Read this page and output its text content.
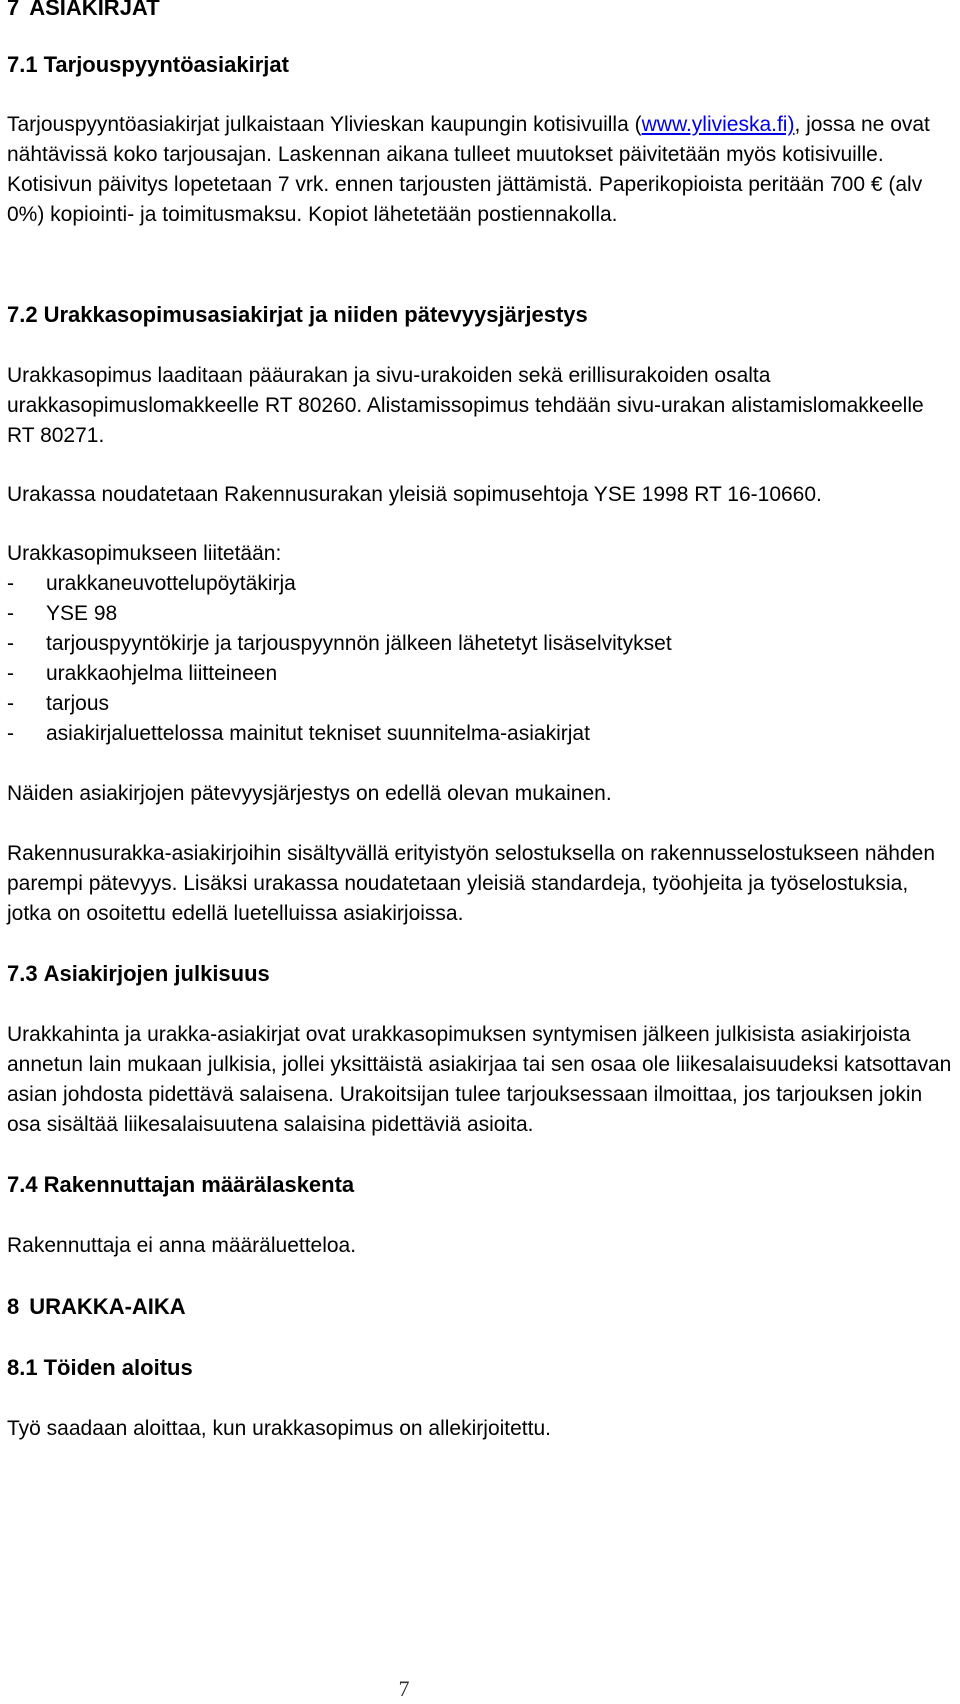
7 ASIAKIRJAT
7.1 Tarjouspyyntöasiakirjat

Tarjouspyyntöasiakirjat julkaistaan Ylivieskan kaupungin kotisivuilla (www.ylivieska.fi), jossa ne ovat nähtävissä koko tarjousajan. Laskennan aikana tulleet muutokset päivitetään myös kotisivuille. Kotisivun päivitys lopetetaan 7 vrk. ennen tarjousten jättämistä. Paperikopioista peritään 700 € (alv 0%) kopiointi- ja toimitusmaksu. Kopiot lähetetään postiennakolla.

7.2 Urakkasopimusasiakirjat ja niiden pätevyysjärjestys

Urakkasopimus laaditaan pääurakan ja sivu-urakoiden sekä erillisurakoiden osalta urakkasopimuslomakkeelle RT 80260. Alistamissopimus tehdään sivu-urakan alistamislomakkeelle RT 80271.

Urakassa noudatetaan Rakennusurakan yleisiä sopimusehtoja YSE 1998 RT 16-10660.

Urakkasopimukseen liitetään:

- urakkaneuvottelupöytäkirja
- YSE 98
- tarjouspyyntökirje ja tarjouspyynnön jälkeen lähetetyt lisäselvitykset
- urakkaohjelma liitteineen
- tarjous
- asiakirjaluettelossa mainitut tekniset suunnitelma-asiakirjat

Näiden asiakirjojen pätevyysjärjestys on edellä olevan mukainen.

Rakennusurakka-asiakirjoihin sisältyvällä erityistyön selostuksella on rakennusselostukseen nähden parempi pätevyys. Lisäksi urakassa noudatetaan yleisiä standardeja, työohjeita ja työselostuksia, jotka on osoitettu edellä luetelluissa asiakirjoissa.

7.3 Asiakirjojen julkisuus

Urakkahinta ja urakka-asiakirjat ovat urakkasopimuksen syntymisen jälkeen julkisista asiakirjoista annetun lain mukaan julkisia, jollei yksittäistä asiakirjaa tai sen osaa ole liikesalaisuudeksi katsottavan asian johdosta pidettävä salaisena. Urakoitsijan tulee tarjouksessaan ilmoittaa, jos tarjouksen jokin osa sisältää liikesalaisuutena salaisina pidettäviä asioita.

7.4 Rakennuttajan määrälaskenta

Rakennuttaja ei anna määräluetteloa.

8 URAKKA-AIKA
8.1 Töiden aloitus

Työ saadaan aloittaa, kun urakkasopimus on allekirjoitettu.

7
